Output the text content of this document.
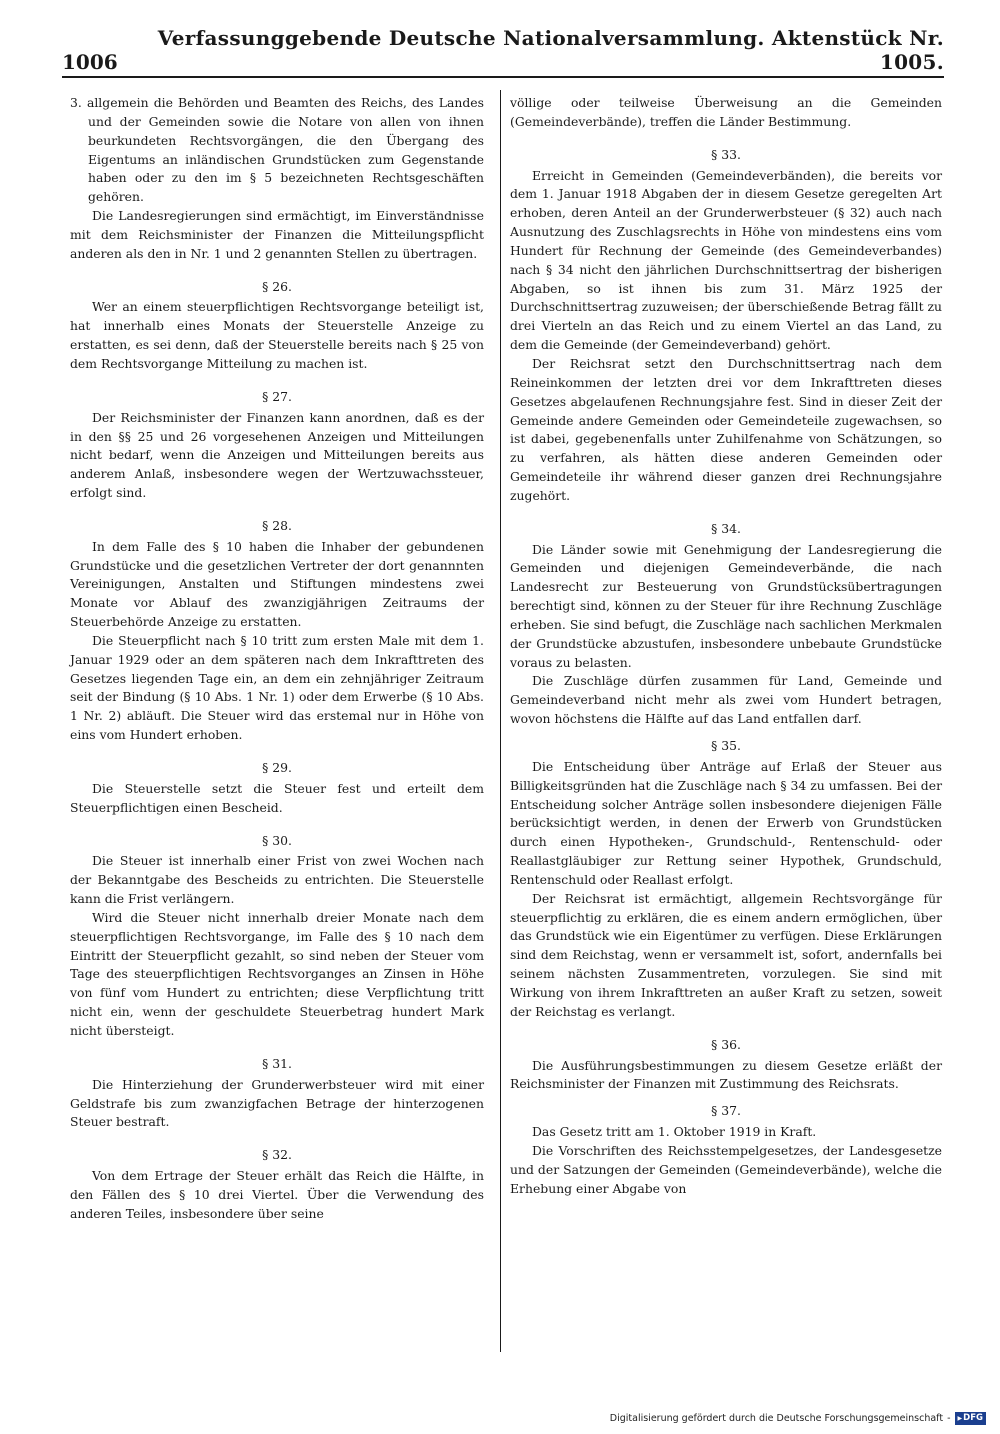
1006
Verfassunggebende Deutsche Nationalversammlung. Aktenstück Nr. 1005.

3. allgemein die Behörden und Beamten des Reichs, des Landes und der Gemeinden sowie die Notare von allen von ihnen beurkundeten Rechtsvorgängen, die den Übergang des Eigentums an inländischen Grundstücken zum Gegenstande haben oder zu den im § 5 bezeichneten Rechtsgeschäften gehören.

Die Landesregierungen sind ermächtigt, im Einverständnisse mit dem Reichsminister der Finanzen die Mitteilungspflicht anderen als den in Nr. 1 und 2 genannten Stellen zu übertragen.

§ 26.

Wer an einem steuerpflichtigen Rechtsvorgange beteiligt ist, hat innerhalb eines Monats der Steuerstelle Anzeige zu erstatten, es sei denn, daß der Steuerstelle bereits nach § 25 von dem Rechtsvorgange Mitteilung zu machen ist.

§ 27.

Der Reichsminister der Finanzen kann anordnen, daß es der in den §§ 25 und 26 vorgesehenen Anzeigen und Mitteilungen nicht bedarf, wenn die Anzeigen und Mitteilungen bereits aus anderem Anlaß, insbesondere wegen der Wertzuwachssteuer, erfolgt sind.

§ 28.

In dem Falle des § 10 haben die Inhaber der gebundenen Grundstücke und die gesetzlichen Vertreter der dort genannnten Vereinigungen, Anstalten und Stiftungen mindestens zwei Monate vor Ablauf des zwanzigjährigen Zeitraums der Steuerbehörde Anzeige zu erstatten.

Die Steuerpflicht nach § 10 tritt zum ersten Male mit dem 1. Januar 1929 oder an dem späteren nach dem Inkrafttreten des Gesetzes liegenden Tage ein, an dem ein zehnjähriger Zeitraum seit der Bindung (§ 10 Abs. 1 Nr. 1) oder dem Erwerbe (§ 10 Abs. 1 Nr. 2) abläuft. Die Steuer wird das erstemal nur in Höhe von eins vom Hundert erhoben.

§ 29.

Die Steuerstelle setzt die Steuer fest und erteilt dem Steuerpflichtigen einen Bescheid.

§ 30.

Die Steuer ist innerhalb einer Frist von zwei Wochen nach der Bekanntgabe des Bescheids zu entrichten. Die Steuerstelle kann die Frist verlängern.

Wird die Steuer nicht innerhalb dreier Monate nach dem steuerpflichtigen Rechtsvorgange, im Falle des § 10 nach dem Eintritt der Steuerpflicht gezahlt, so sind neben der Steuer vom Tage des steuerpflichtigen Rechtsvorganges an Zinsen in Höhe von fünf vom Hundert zu entrichten; diese Verpflichtung tritt nicht ein, wenn der geschuldete Steuerbetrag hundert Mark nicht übersteigt.

§ 31.

Die Hinterziehung der Grunderwerbsteuer wird mit einer Geldstrafe bis zum zwanzigfachen Betrage der hinterzogenen Steuer bestraft.

§ 32.

Von dem Ertrage der Steuer erhält das Reich die Hälfte, in den Fällen des § 10 drei Viertel. Über die Verwendung des anderen Teiles, insbesondere über seine

völlige oder teilweise Überweisung an die Gemeinden (Gemeindeverbände), treffen die Länder Bestimmung.

§ 33.

Erreicht in Gemeinden (Gemeindeverbänden), die bereits vor dem 1. Januar 1918 Abgaben der in diesem Gesetze geregelten Art erhoben, deren Anteil an der Grunderwerbsteuer (§ 32) auch nach Ausnutzung des Zuschlagsrechts in Höhe von mindestens eins vom Hundert für Rechnung der Gemeinde (des Gemeindeverbandes) nach § 34 nicht den jährlichen Durchschnittsertrag der bisherigen Abgaben, so ist ihnen bis zum 31. März 1925 der Durchschnittsertrag zuzuweisen; der überschießende Betrag fällt zu drei Vierteln an das Reich und zu einem Viertel an das Land, zu dem die Gemeinde (der Gemeindeverband) gehört.

Der Reichsrat setzt den Durchschnittsertrag nach dem Reineinkommen der letzten drei vor dem Inkrafttreten dieses Gesetzes abgelaufenen Rechnungsjahre fest. Sind in dieser Zeit der Gemeinde andere Gemeinden oder Gemeindeteile zugewachsen, so ist dabei, gegebenenfalls unter Zuhilfenahme von Schätzungen, so zu verfahren, als hätten diese anderen Gemeinden oder Gemeindeteile ihr während dieser ganzen drei Rechnungsjahre zugehört.

§ 34.

Die Länder sowie mit Genehmigung der Landesregierung die Gemeinden und diejenigen Gemeindeverbände, die nach Landesrecht zur Besteuerung von Grundstücksübertragungen berechtigt sind, können zu der Steuer für ihre Rechnung Zuschläge erheben. Sie sind befugt, die Zuschläge nach sachlichen Merkmalen der Grundstücke abzustufen, insbesondere unbebaute Grundstücke voraus zu belasten.

Die Zuschläge dürfen zusammen für Land, Gemeinde und Gemeindeverband nicht mehr als zwei vom Hundert betragen, wovon höchstens die Hälfte auf das Land entfallen darf.

§ 35.

Die Entscheidung über Anträge auf Erlaß der Steuer aus Billigkeitsgründen hat die Zuschläge nach § 34 zu umfassen. Bei der Entscheidung solcher Anträge sollen insbesondere diejenigen Fälle berücksichtigt werden, in denen der Erwerb von Grundstücken durch einen Hypotheken-, Grundschuld-, Rentenschuld- oder Reallastgläubiger zur Rettung seiner Hypothek, Grundschuld, Rentenschuld oder Reallast erfolgt.

Der Reichsrat ist ermächtigt, allgemein Rechtsvorgänge für steuerpflichtig zu erklären, die es einem andern ermöglichen, über das Grundstück wie ein Eigentümer zu verfügen. Diese Erklärungen sind dem Reichstag, wenn er versammelt ist, sofort, andernfalls bei seinem nächsten Zusammentreten, vorzulegen. Sie sind mit Wirkung von ihrem Inkrafttreten an außer Kraft zu setzen, soweit der Reichstag es verlangt.

§ 36.

Die Ausführungsbestimmungen zu diesem Gesetze erläßt der Reichsminister der Finanzen mit Zustimmung des Reichsrats.

§ 37.

Das Gesetz tritt am 1. Oktober 1919 in Kraft.

Die Vorschriften des Reichsstempelgesetzes, der Landesgesetze und der Satzungen der Gemeinden (Gemeindeverbände), welche die Erhebung einer Abgabe von

Digitalisierung gefördert durch die Deutsche Forschungsgemeinschaft -
▶	DFG
